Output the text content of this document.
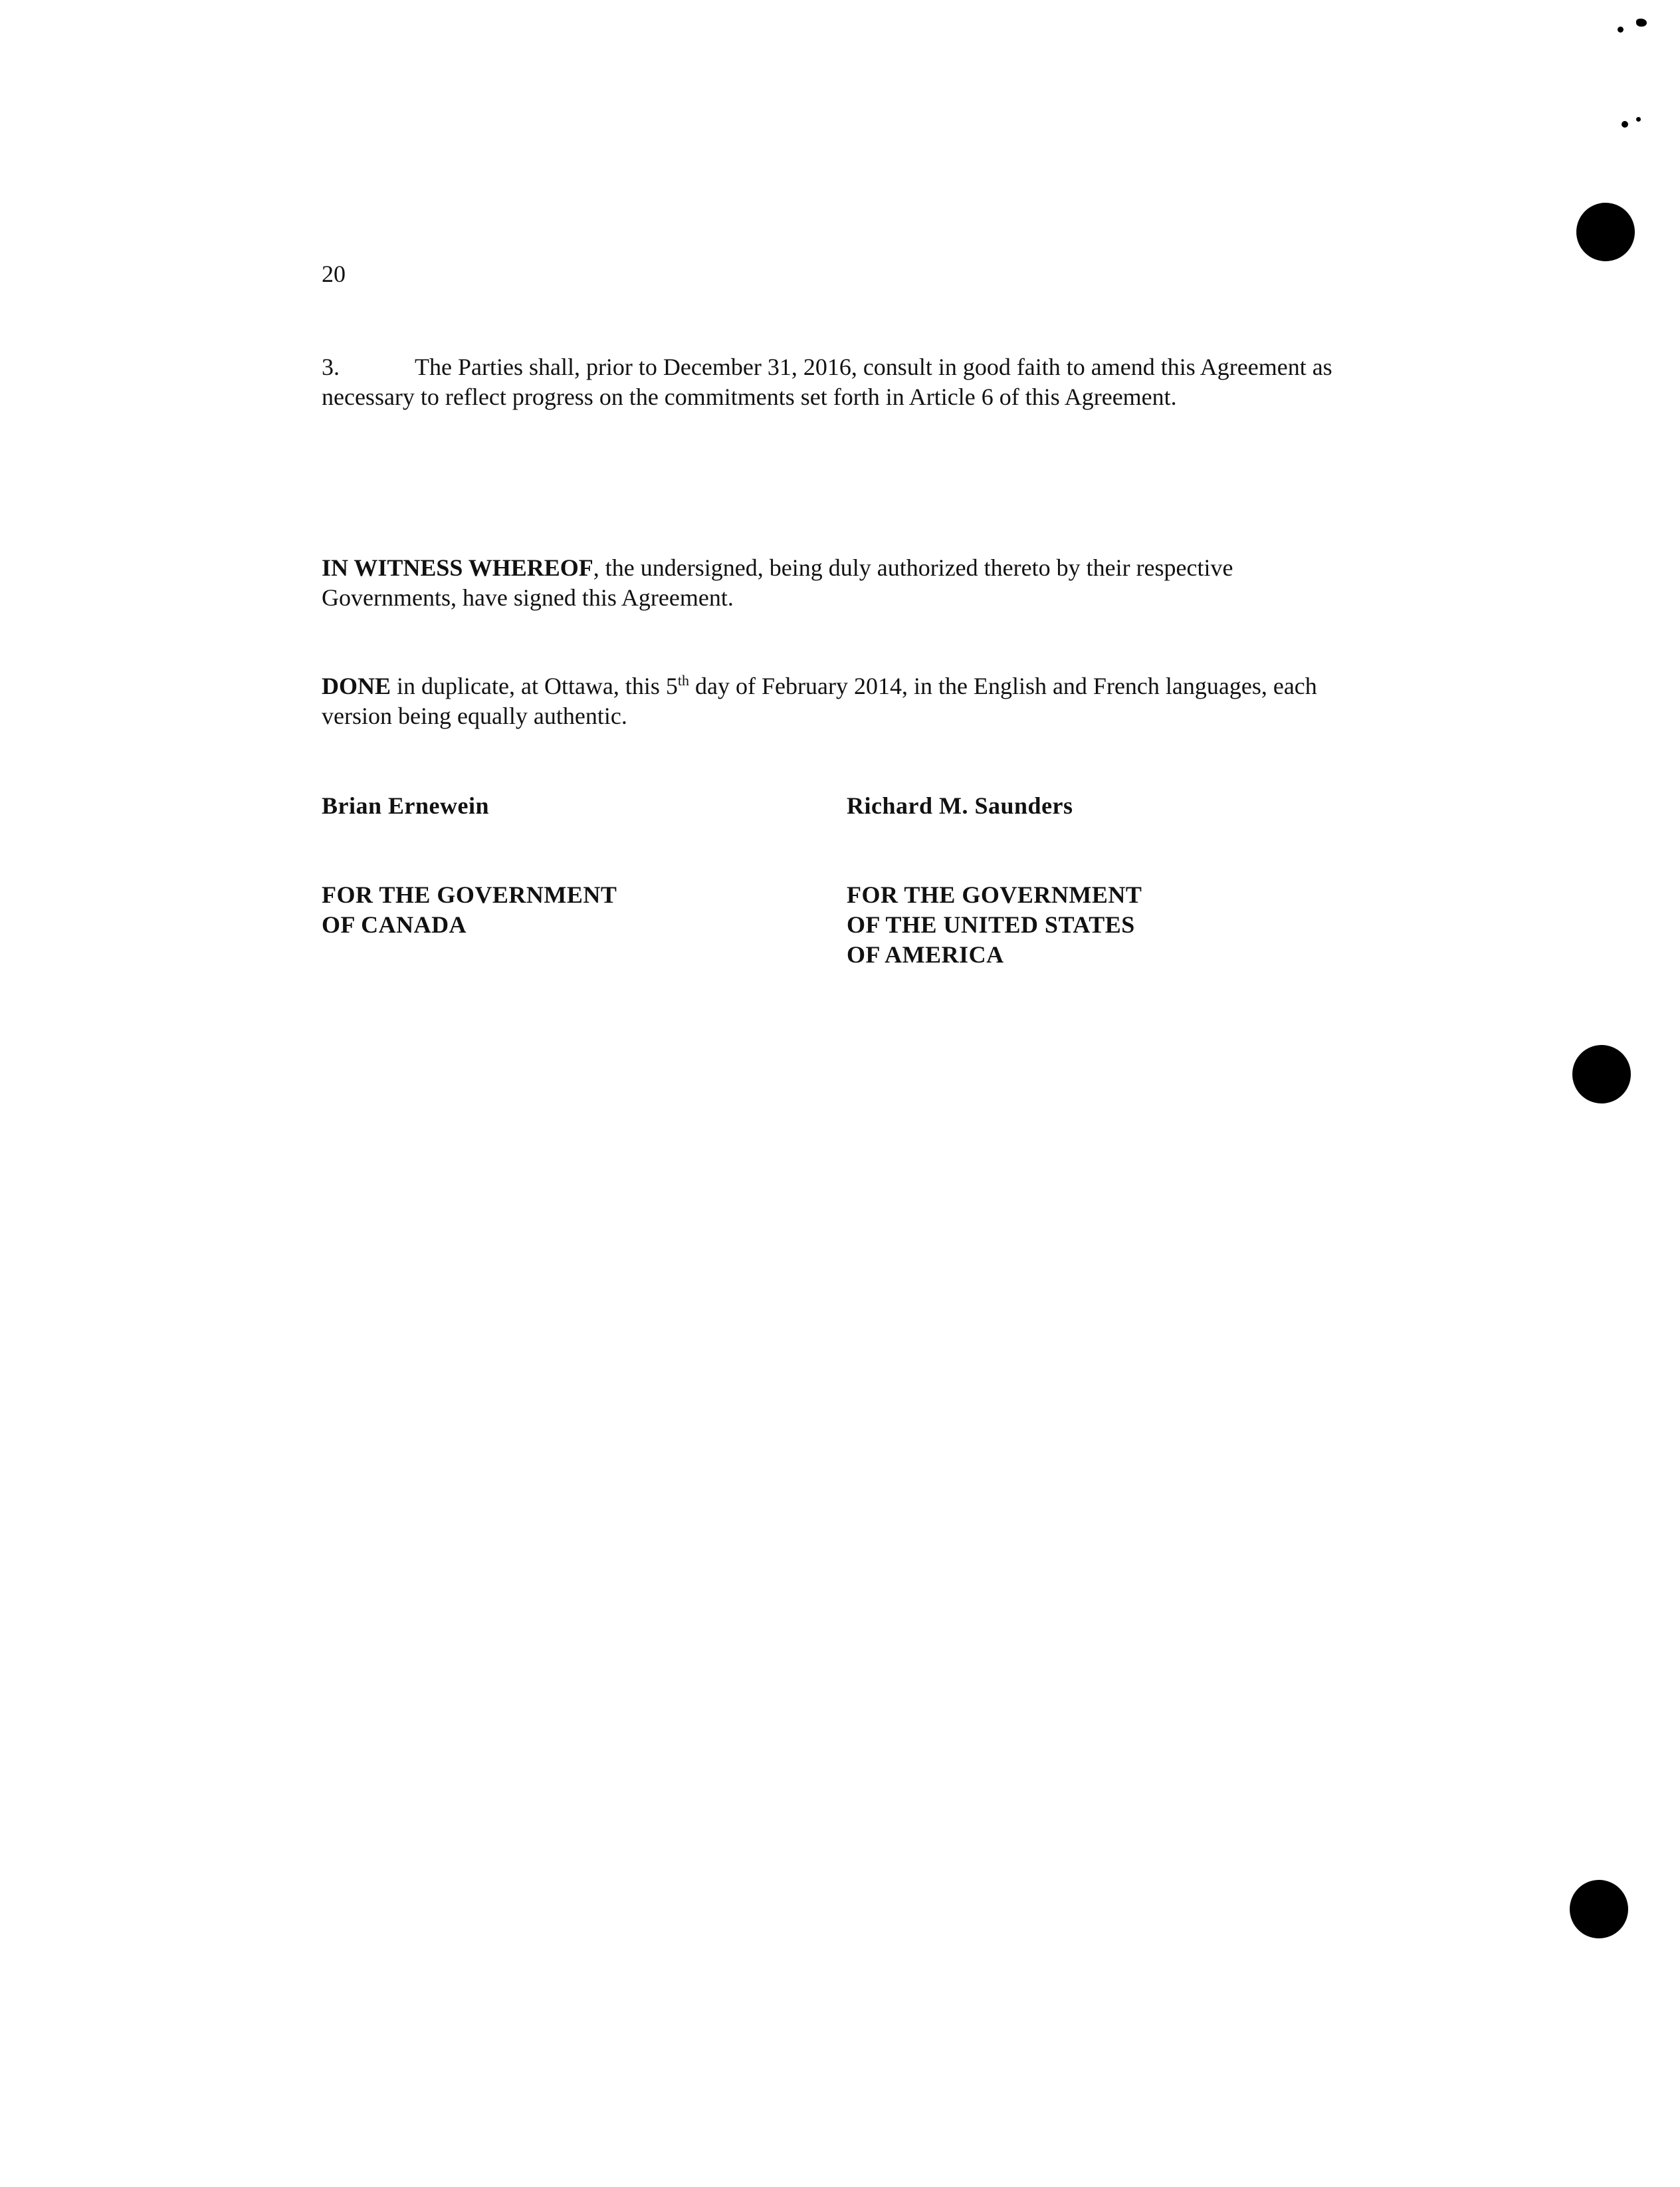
20

3.	The Parties shall, prior to December 31, 2016, consult in good faith to amend this Agreement as necessary to reflect progress on the commitments set forth in Article 6 of this Agreement.

IN WITNESS WHEREOF, the undersigned, being duly authorized thereto by their respective Governments, have signed this Agreement.

DONE in duplicate, at Ottawa, this 5th day of February 2014, in the English and French languages, each version being equally authentic.

Brian Ernewein	Richard M. Saunders
FOR THE GOVERNMENT
OF CANADA
FOR THE GOVERNMENT
OF THE UNITED STATES
OF AMERICA
